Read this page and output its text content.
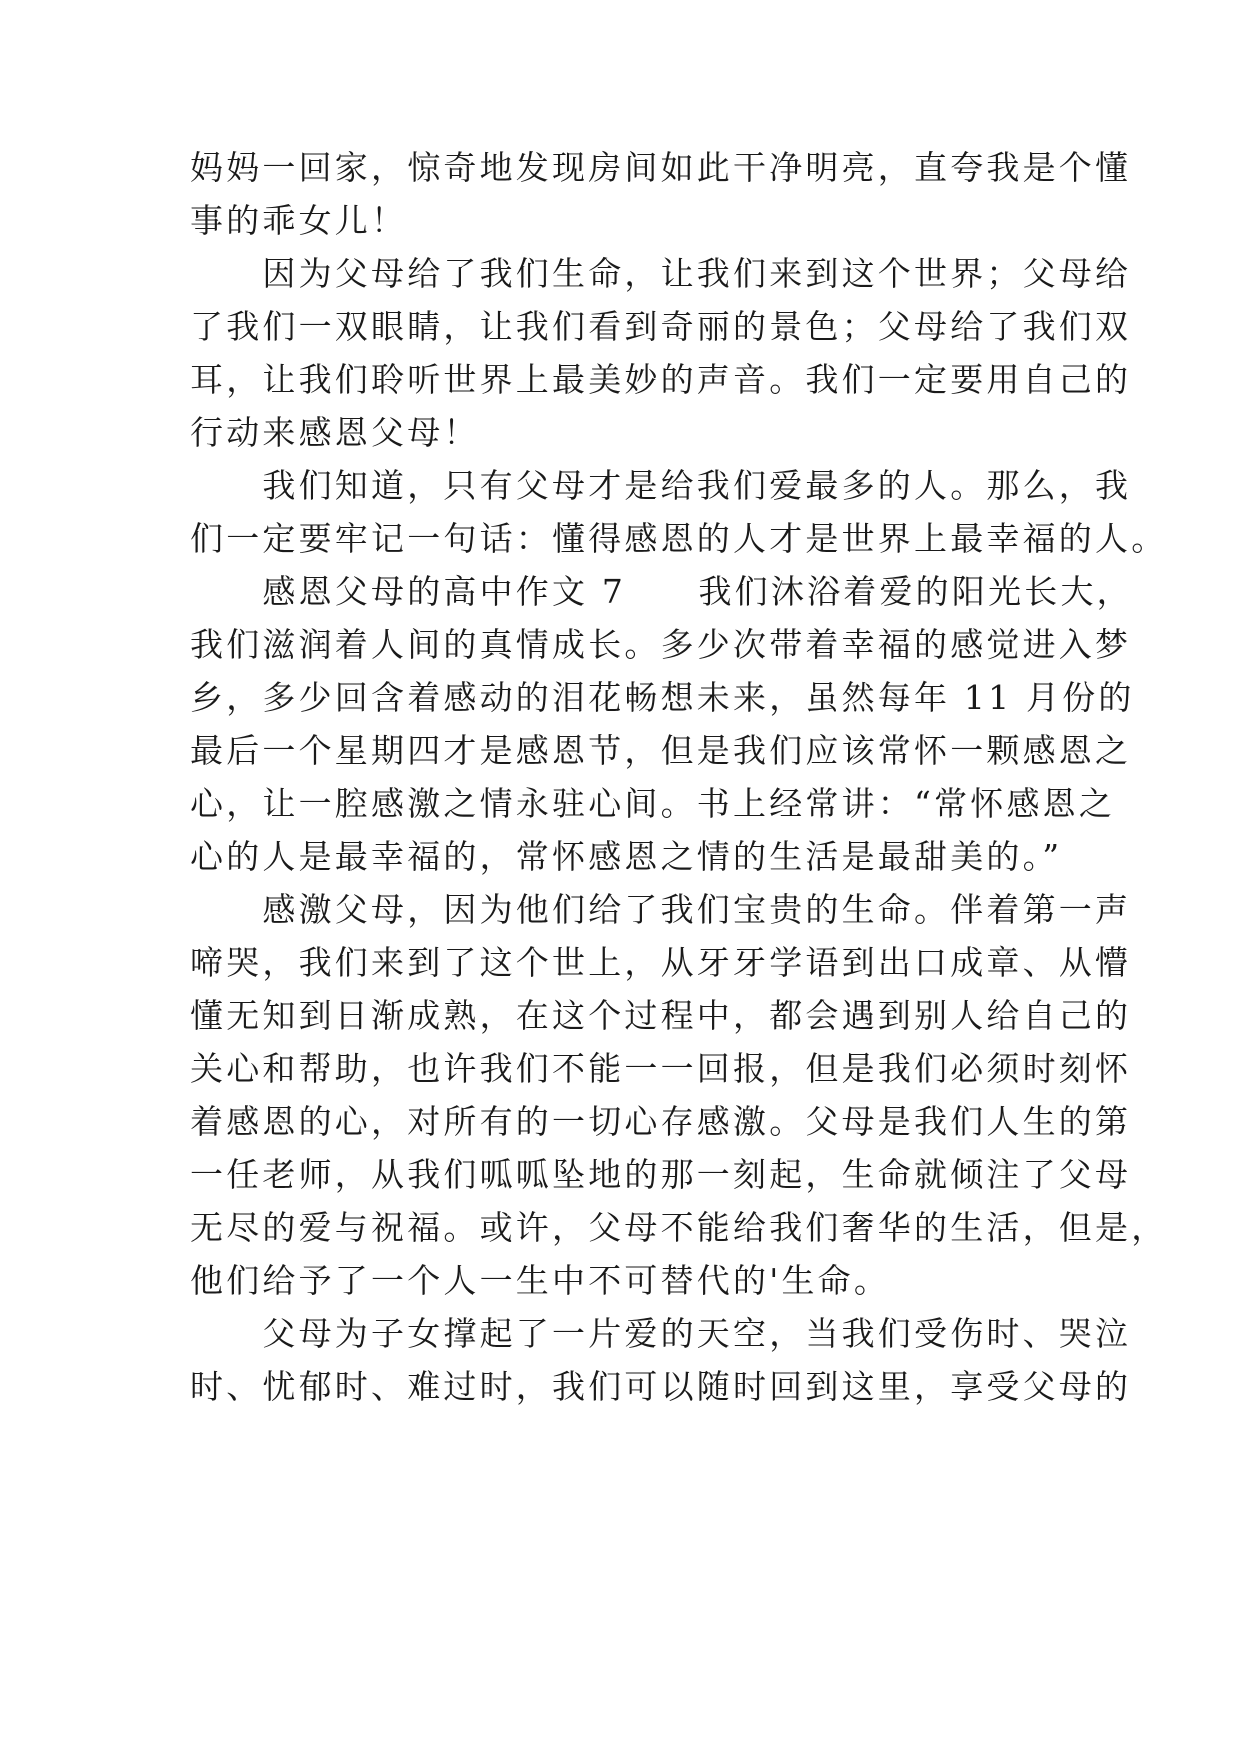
妈妈一回家，惊奇地发现房间如此干净明亮，直夸我是个懂
事的乖女儿！
　　因为父母给了我们生命，让我们来到这个世界；父母给
了我们一双眼睛，让我们看到奇丽的景色；父母给了我们双
耳，让我们聆听世界上最美妙的声音。我们一定要用自己的
行动来感恩父母！
　　我们知道，只有父母才是给我们爱最多的人。那么，我
们一定要牢记一句话：懂得感恩的人才是世界上最幸福的人。
　　感恩父母的高中作文 7　　我们沐浴着爱的阳光长大，
我们滋润着人间的真情成长。多少次带着幸福的感觉进入梦
乡，多少回含着感动的泪花畅想未来，虽然每年 11 月份的
最后一个星期四才是感恩节，但是我们应该常怀一颗感恩之
心，让一腔感激之情永驻心间。书上经常讲：“常怀感恩之
心的人是最幸福的，常怀感恩之情的生活是最甜美的。”
　　感激父母，因为他们给了我们宝贵的生命。伴着第一声
啼哭，我们来到了这个世上，从牙牙学语到出口成章、从懵
懂无知到日渐成熟，在这个过程中，都会遇到别人给自己的
关心和帮助，也许我们不能一一回报，但是我们必须时刻怀
着感恩的心，对所有的一切心存感激。父母是我们人生的第
一任老师，从我们呱呱坠地的那一刻起，生命就倾注了父母
无尽的爱与祝福。或许，父母不能给我们奢华的生活，但是，
他们给予了一个人一生中不可替代的'生命。
　　父母为子女撑起了一片爱的天空，当我们受伤时、哭泣
时、忧郁时、难过时，我们可以随时回到这里，享受父母的
